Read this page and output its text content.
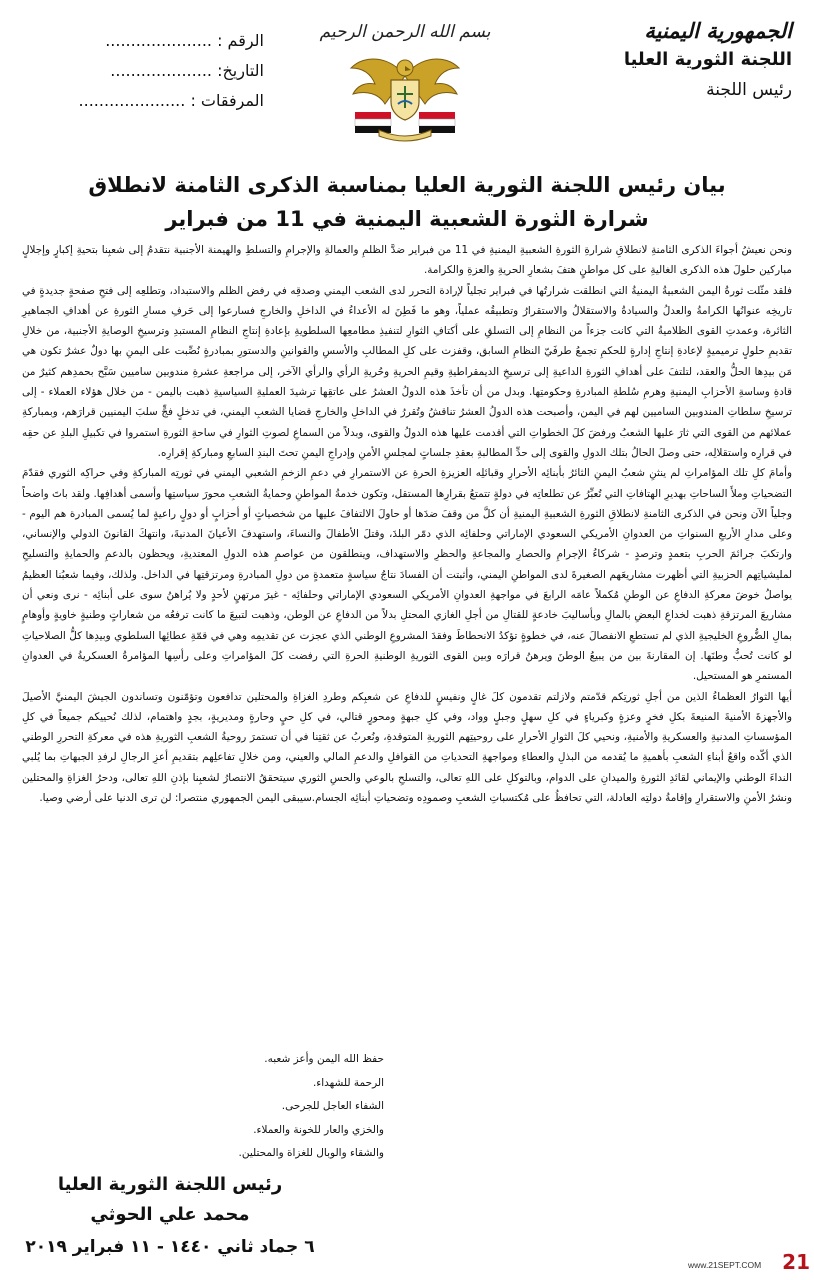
الجمهورية اليمنية
اللجنة الثورية العليا
رئيس اللجنة
بسم الله الرحمن الرحيم
الرقم : .....................
التاريخ: ....................
المرفقات : .....................
بيان رئيس اللجنة الثورية العليا بمناسبة الذكرى الثامنة لانطلاق شرارة الثورة الشعبية اليمنية في 11 من فبراير

ونحن نعيشُ أجواءَ الذكرى الثامنةِ لانطلاقِ شرارةِ الثورةِ الشعبيةِ اليمنيةِ في 11 من فبراير ضدَّ الظلمِ والعمالةِ والإجرامِ والتسلطِ والهيمنة الأجنبية نتقدمُ إلى شعبِنا بتحيةِ إكبارٍ وإجلالٍ مباركين حلولَ هذه الذكرى الغاليةِ على كل مواطنٍ هتفَ بشعارِ الحريةِ والعزةِ والكرامة.

فلقد مثّلت ثورةُ اليمن الشعبيةُ اليمنيةُ التي انطلقت شرارتُها في فبراير تجلياً لإرادة التحرر لدى الشعب اليمني وصدقِه في رفض الظلم والاستبداد، وتطلعِه إلى فتحِ صفحةٍ جديدةٍ في تاريخِه عنوانُها الكرامةُ والعدلُ والسيادةُ والاستقلالُ والاستقرارُ وتطبيقُه عملياً، وهو ما فَطِنَ له الأعداءُ في الداخلِ والخارجِ فسارعوا إلى حَرفِ مسارِ الثورةِ عن أهدافِ الجماهيرِ الثائرة، وعمدتِ القوى الظلاميةُ التي كانت جزءاً من النظامِ إلى التسلقِ على أكتافِ الثوارِ لتنفيذِ مطامعِها السلطويةِ بإعادةِ إنتاجِ النظامِ المستبدِ وترسيخِ الوصايةِ الأجنبية، من خلالِ تقديمِ حلولٍ ترميميةٍ لإعادةِ إنتاجِ إدارةٍ للحكمِ تجمعُ طرفَيّ النظامِ السابق، وقفزت على كلِ المطالبِ والأسسِ والقوانينِ والدستورِ بمبادرةٍ نُصِّبت على اليمنِ بها دولٌ عشرٌ تكون هي مَن بيدِها الحلُّ والعقد، لتلتفَ على أهدافِ الثورةِ الداعيةِ إلى ترسيخِ الديمقراطيةِ وقيمِ الحريةِ وحُريةِ الرأي والرأي الآخر، إلى مراجعةِ عشرةِ مندوبين ساميين سَبَّح بحمدِهم كثيرٌ من قادةِ وساسةِ الأحزابِ اليمنيةِ وهرمِ سُلطةِ المبادرةِ وحكومتِها. وبدل من أن تأخذَ هذه الدولُ العشرُ على عاتقِها ترشيدَ العمليةِ السياسيةِ ذهبت باليمن - من خلال هؤلاء العملاء - إلى ترسيخِ سلطاتِ المندوبين الساميين لهم في اليمن، وأصبحت هذه الدولُ العشرُ تناقشُ وتُقررُ في الداخلِ والخارجِ قضايا الشعبِ اليمني، في تدخلٍ فجٍّ سلبَ اليمنيين قرارَهم، وبمباركةِ عملائهم من القوى التي ثارَ عليها الشعبُ ورفضَ كلَ الخطواتِ التي أقدمت عليها هذه الدولُ والقوى، وبدلاً من السماعِ لصوتِ الثوارِ في ساحةِ الثورةِ استمروا في تكبيلِ البلدِ عن حقِه في قرارِه واستقلالِه، حتى وصلَ الحالُ بتلك الدولِ والقوى إلى حدِّ المطالبةِ بعقدِ جلساتٍ لمجلسِ الأمنِ وإدراجِ اليمنِ تحتَ البندِ السابعِ ومباركةِ إقرارِه.

وأمامَ كلِ تلك المؤامراتِ لم ينثنِ شعبُ اليمنِ الثائرُ بأبنائِه الأحرارِ وقبائلِه العزيزةِ الحرةِ عن الاستمرارِ في دعمِ الزخمِ الشعبي اليمني في ثورتِه المباركةِ وفي حراكِه الثوري فقدّمَ التضحياتِ وملأَ الساحاتِ بهديرِ الهتافاتِ التي تُعبِّرُ عن تطلعاتِه في دولةٍ تتمتعُ بقرارِها المستقل، وتكون خدمةُ المواطنِ وحمايةُ الشعبِ محورَ سياستِها وأسمى أهدافِها. ولقد باتَ واضحاً وجلياً الآن ونحن في الذكرى الثامنةِ لانطلاقِ الثورةِ الشعبيةِ اليمنيةِ أن كلَّ من وقفَ ضدَها أو حاولَ الالتفافَ عليها من شخصياتٍ أو أحزابٍ أو دولٍ راعيةٍ لما يُسمى المبادرة هم اليوم - وعلى مدارِ الأربعِ السنواتِ من العدوانِ الأمريكي السعودي الإماراتي وحلفائِه الذي دمّر البلدَ، وقتلَ الأطفالَ والنساءَ، واستهدفَ الأعيانَ المدنيةَ، وانتهكَ القانونَ الدولي والإنساني، وارتكبَ جرائمَ الحربِ بتعمدٍ وترصدٍ - شركاءُ الإجرامِ والحصارِ والمجاعةِ والحظرِ والاستهداف، وينطلقون من عواصمِ هذه الدولِ المعتديةِ، ويحظون بالدعمِ والحمايةِ والتسليحِ لمليشياتِهم الحزبيةِ التي أظهرت مشاريعَهم الصغيرةَ لدى المواطنِ اليمني، وأثبتت أن الفسادَ نتاجُ سياسةٍ متعمدةٍ من دولِ المبادرةِ ومرتزقتِها في الداخل. ولذلك، وفيما شعبُنا العظيمُ يواصلُ خوضَ معركةِ الدفاعِ عن الوطنِ مُكملاً عامَه الرابعَ في مواجهةِ العدوانِ الأمريكي السعودي الإماراتي وحلفائِه - غيرَ مرتهنٍ لأحدٍ ولا يُراهنُ سوى على أبنائِه - نرى ونعي أن مشاريعَ المرتزقةِ ذهبت لخداعِ البعضِ بالمالِ وبأساليبَ خادعةٍ للقتالِ من أجلِ الغازي المحتلِ بدلاً من الدفاعِ عن الوطن، وذهبت لتبيعَ ما كانت ترفعُه من شعاراتٍ وطنيةٍ خاويةٍ وأوهامٍ بمالِ الضُّروعِ الخليجيةِ الذي لم تستطعِ الانفصالَ عنه، في خطوةٍ تؤكدُ الانحطاطَ وفقدَ المشروعِ الوطني الذي عجزت عن تقديمِه وهي في قمّةِ عطائِها السلطوي وبيدِها كلُّ الصلاحياتِ لو كانت تُحبُّ وطنَها. إن المقارنةَ بين من يبيعُ الوطنَ ويرهنُ قرارَه وبين القوى الثوريةِ الوطنيةِ الحرةِ التي رفضت كلَ المؤامراتِ وعلى رأسِها المؤامرةُ العسكريةُ في العدوانِ المستمرِ هو المستحيل.

أيها الثوارُ العظماءُ الذين من أجلِ ثورتِكم قدّمتم ولازلتم تقدمون كلَ غالٍ ونفيسٍ للدفاعِ عن شعبِكم وطردِ الغزاةِ والمحتلين تدافعون وتؤمّنون وتساندون الجيشَ اليمنيَّ الأصيلَ والأجهزةَ الأمنيةَ المنيعةَ بكلِ فخرٍ وعزةٍ وكبرياءٍ في كلِ سهلٍ وجبلٍ وواد، وفي كلِ جبهةٍ ومحورٍ قتالي، في كلِ حيٍ وحارةٍ ومديريةٍ، بجدٍ واهتمام، لذلك نُحييكم جميعاً في كلِ المؤسساتِ المدنيةِ والعسكريةِ والأمنيةِ، ونحيي كلَ الثوارِ الأحرارِ على روحيتِهم الثوريةِ المتوقدةِ، ونُعربُ عن ثقتِنا في أن تستمرَ روحيةُ الشعبِ الثوريةِ هذه في معركةِ التحررِ الوطني الذي أكّده واقعُ أبناءِ الشعبِ بأهميةِ ما يُقدمه من البذلِ والعطاءِ ومواجهةِ التحدياتِ من القوافلِ والدعمِ المالي والعيني، ومن خلالِ تفاعلِهم بتقديمِ أعزِ الرجالِ لرفدِ الجبهاتِ بما يُلبي النداءَ الوطني والإيماني لقائدِ الثورةِ والميدانِ على الدوام، وبالتوكلِ على اللهِ تعالى، والتسلحِ بالوعي والحسِ الثوري سيتحققُ الانتصارُ لشعبِنا بإذنِ اللهِ تعالى، ودحرُ الغزاةِ والمحتلين ونشرُ الأمنِ والاستقرارِ وإقامةُ دولتِه العادلة، التي تحافظُ على مُكتسباتِ الشعبِ وصمودِه وتضحياتِ أبنائِه الجسام.سيبقى اليمن الجمهوري منتصرا: لن ترى الدنيا على أرضي وصيا.

حفظ الله اليمن وأعز شعبه.
الرحمة للشهداء.
الشفاء العاجل للجرحى.
والخزي والعار للخونة والعملاء.
والشقاء والوبال للغزاة والمحتلين.
رئيس اللجنة الثورية العليا
محمد علي الحوثي
٦ جماد ثاني ١٤٤٠ - ١١ فبراير ٢٠١٩
www.21SEPT.COM 21
